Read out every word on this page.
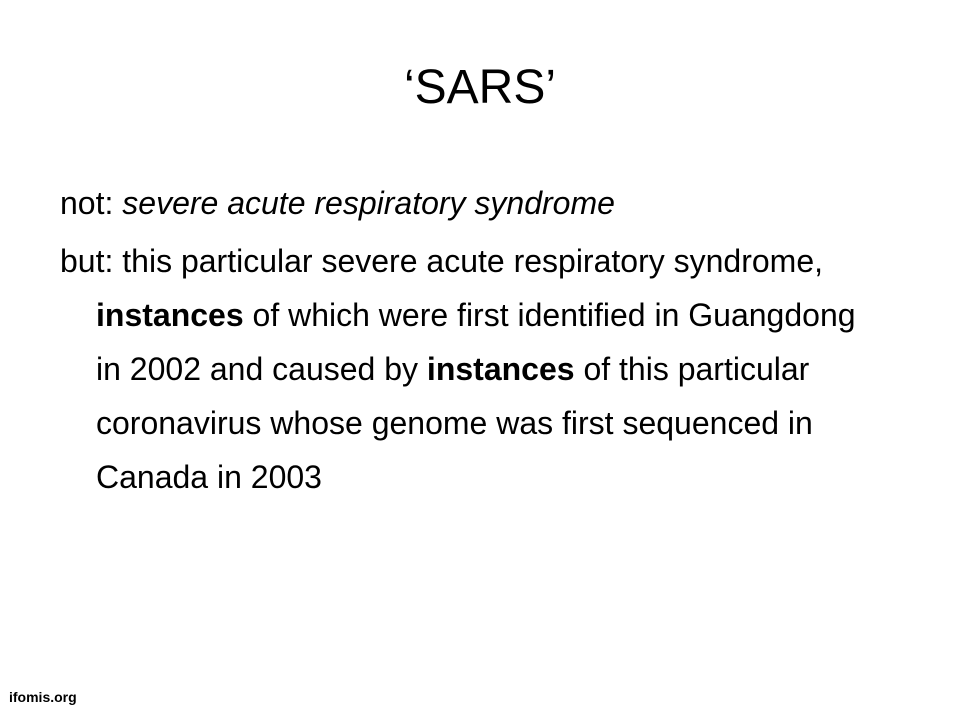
‘SARS’

not: severe acute respiratory syndrome

but: this particular severe acute respiratory syndrome, instances of which were first identified in Guangdong in 2002 and caused by instances of this particular coronavirus whose genome was first sequenced in Canada in 2003

ifomis.org
